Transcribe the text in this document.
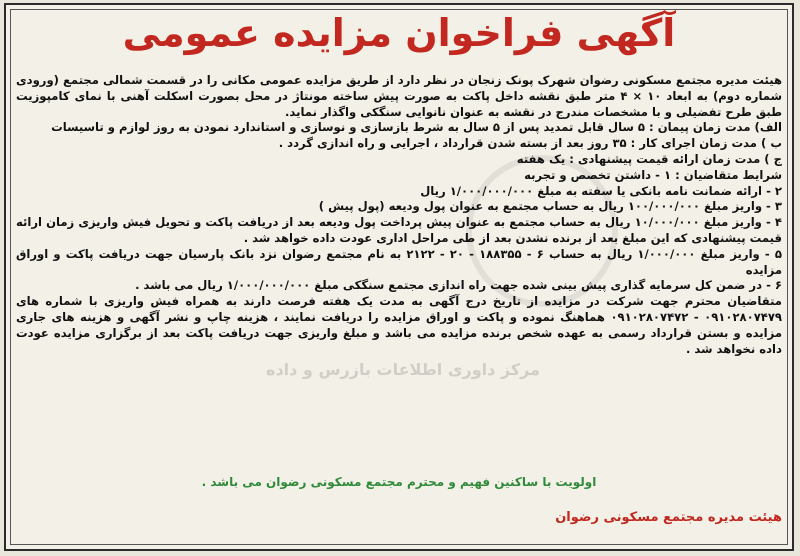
مرکز داوری اطلاعات بازرس و داده
آگهی فراخوان مزایده عمومی

هیئت مدیره مجتمع مسکونی رضوان شهرک پونک زنجان در نظر دارد از طریق مزایده عمومی مکانی را در قسمت شمالی مجتمع (ورودی شماره دوم) به ابعاد ۱۰ × ۴ متر طبق نقشه داخل پاکت به صورت پیش ساخته مونتاژ در محل بصورت اسکلت آهنی با نمای کامپوزیت طبق طرح تفضیلی و با مشخصات مندرج در نقشه به عنوان نانوایی سنگکی واگذار نماید.

الف) مدت زمان پیمان : ۵ سال قابل تمدید پس از ۵ سال به شرط بازسازی و نوسازی و استاندارد نمودن به روز لوازم و تاسیسات

ب ) مدت زمان اجرای کار : ۳۵ روز بعد از بسته شدن قرارداد ، اجرایی و راه اندازی گردد .

ج ) مدت زمان ارائه قیمت پیشنهادی : یک هفته

شرایط متقاضیان : ۱ - داشتن تخصص و تجربه

۲ - ارائه ضمانت نامه بانکی یا سفته به مبلغ ۱/۰۰۰/۰۰۰/۰۰۰ ریال

۳ - واریز مبلغ ۱۰۰/۰۰۰/۰۰۰ ریال به حساب مجتمع به عنوان پول ودیعه (پول پیش )

۴ - واریز مبلغ ۱۰/۰۰۰/۰۰۰ ریال به حساب مجتمع به عنوان پیش پرداخت پول ودیعه بعد از دریافت پاکت و تحویل فیش واریزی زمان ارائه قیمت پیشنهادی که این مبلغ بعد از برنده نشدن بعد از طی مراحل اداری عودت داده خواهد شد .

۵ - واریز مبلغ ۱/۰۰۰/۰۰۰ ریال به حساب ۶ - ۱۸۸۳۵۵ - ۲۰ - ۲۱۲۲ به نام مجتمع رضوان نزد بانک پارسیان جهت دریافت پاکت و اوراق مزایده

۶ - در ضمن کل سرمایه گذاری پیش بینی شده جهت راه اندازی مجتمع سنگکی مبلغ ۱/۰۰۰/۰۰۰/۰۰۰ ریال می باشد .

متقاضیان محترم جهت شرکت در مزایده از تاریخ درج آگهی به مدت یک هفته فرصت دارند به همراه فیش واریزی با شماره های ۰۹۱۰۲۸۰۷۴۷۹ - ۰۹۱۰۲۸۰۷۴۷۲ هماهنگ نموده و پاکت و اوراق مزایده را دریافت نمایند ، هزینه چاپ و نشر آگهی و هزینه های جاری مزایده و بستن قرارداد رسمی به عهده شخص برنده مزایده می باشد و مبلغ واریزی جهت دریافت پاکت بعد از برگزاری مزایده عودت داده نخواهد شد .

اولویت با ساکنین فهیم و محترم مجتمع مسکونی رضوان می باشد .
هیئت مدیره مجتمع مسکونی رضوان
